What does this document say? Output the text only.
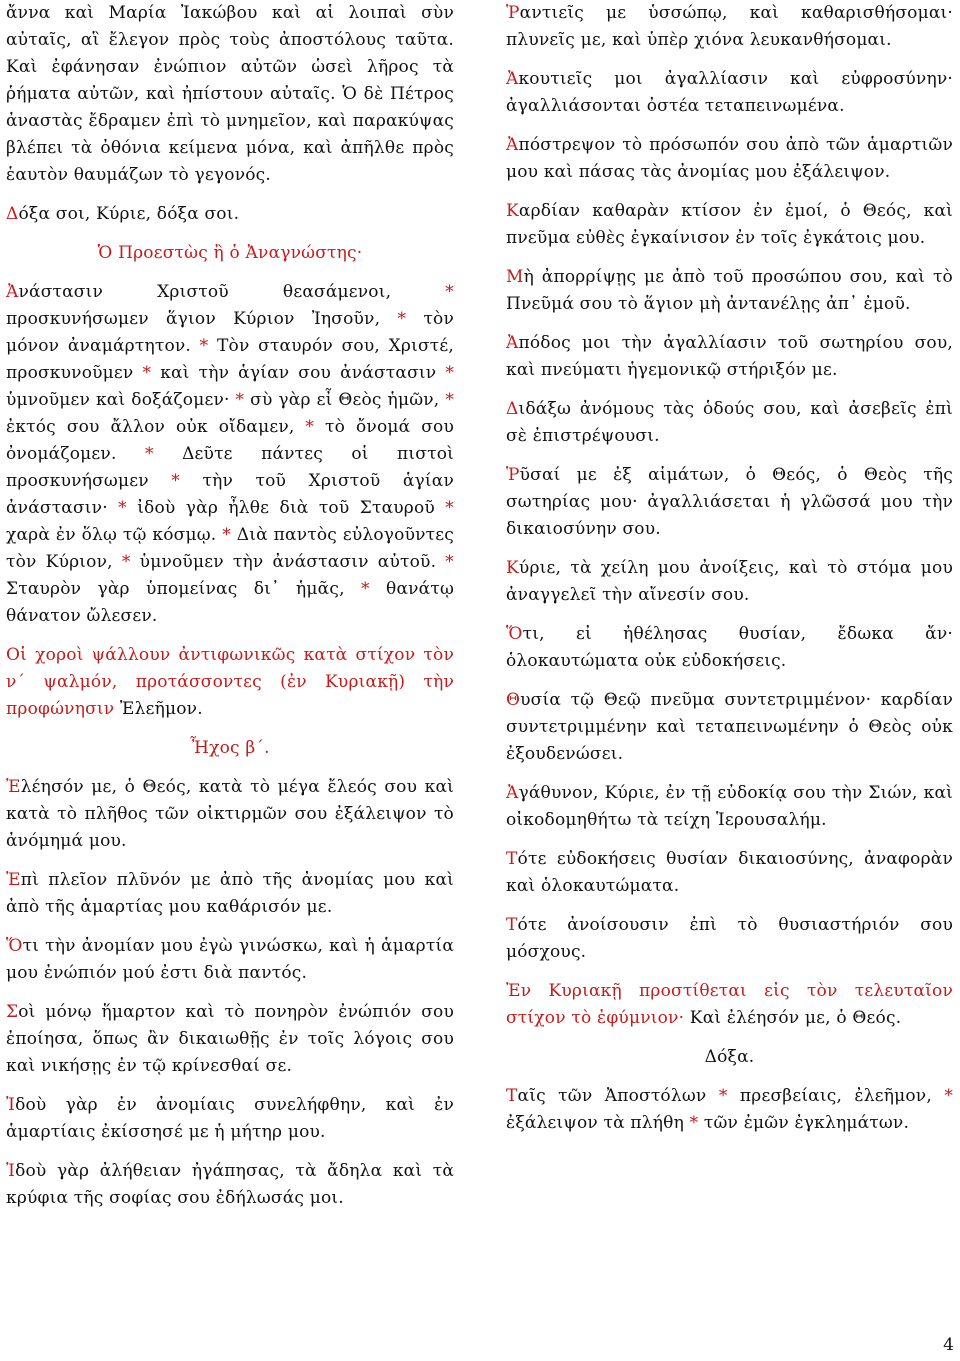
ἄννα καὶ Μαρία Ἰακώβου καὶ αἱ λοιπαὶ σὺν αὐταῖς, αἳ ἔλεγον πρὸς τοὺς ἀποστόλους ταῦτα. Καὶ ἐφάνησαν ἐνώπιον αὐτῶν ὡσεὶ λῆρος τὰ ῥήματα αὐτῶν, καὶ ἠπίστουν αὐταῖς. Ὁ δὲ Πέτρος ἀναστὰς ἔδραμεν ἐπὶ τὸ μνημεῖον, καὶ παρακύψας βλέπει τὰ ὀθόνια κείμενα μόνα, καὶ ἀπῆλθε πρὸς ἑαυτὸν θαυμάζων τὸ γεγονός.

Δόξα σοι, Κύριε, δόξα σοι.

Ὁ Προεστὼς ἢ ὁ Ἀναγνώστης·

Ἀνάστασιν Χριστοῦ θεασάμενοι,	* προσκυνήσωμεν ἅγιον Κύριον Ἰησοῦν, * τὸν μόνον ἀναμάρτητον. * Τὸν σταυρόν σου, Χριστέ, προσκυνοῦμεν * καὶ τὴν ἁγίαν σου ἀνάστασιν * ὑμνοῦμεν καὶ δοξάζομεν· * σὺ γὰρ εἶ Θεὸς ἡμῶν, * ἐκτός σου ἄλλον οὐκ οἴδαμεν, * τὸ ὄνομά σου ὀνομάζομεν. * Δεῦτε πάντες οἱ πιστοὶ προσκυνήσωμεν * τὴν τοῦ Χριστοῦ ἁγίαν ἀνάστασιν· * ἰδοὺ γὰρ ἦλθε διὰ τοῦ Σταυροῦ * χαρὰ ἐν ὅλῳ τῷ κόσμῳ. * Διὰ παντὸς εὐλογοῦντες τὸν Κύριον, * ὑμνοῦμεν τὴν ἀνάστασιν αὐτοῦ. * Σταυρὸν γὰρ ὑπομείνας δι᾽ ἡμᾶς, * θανάτῳ θάνατον ὤλεσεν.

Οἱ χοροὶ ψάλλουν ἀντιφωνικῶς κατὰ στίχον τὸν ν΄ ψαλμόν, προτάσσοντες (ἐν Κυριακῇ) τὴν προφώνησιν Ἐλεῆμον.

Ἦχος β΄.

Ἐλέησόν με, ὁ Θεός, κατὰ τὸ μέγα ἔλεός σου καὶ κατὰ τὸ πλῆθος τῶν οἰκτιρμῶν σου ἐξάλειψον τὸ ἀνόμημά μου.

Ἐπὶ πλεῖον πλῦνόν με ἀπὸ τῆς ἀνομίας μου καὶ ἀπὸ τῆς ἁμαρτίας μου καθάρισόν με.

Ὅτι τὴν ἀνομίαν μου ἐγὼ γινώσκω, καὶ ἡ ἁμαρτία μου ἐνώπιόν μού ἐστι διὰ παντός.

Σοὶ μόνῳ ἥμαρτον καὶ τὸ πονηρὸν ἐνώπιόν σου ἐποίησα, ὅπως ἂν δικαιωθῇς ἐν τοῖς λόγοις σου καὶ νικήσῃς ἐν τῷ κρίνεσθαί σε.

Ἰδοὺ γὰρ ἐν ἀνομίαις συνελήφθην, καὶ ἐν ἁμαρτίαις ἐκίσσησέ με ἡ μήτηρ μου.

Ἰδοὺ γὰρ ἀλήθειαν ἠγάπησας, τὰ ἄδηλα καὶ τὰ κρύφια τῆς σοφίας σου ἐδήλωσάς μοι.

Ῥαντιεῖς με ὑσσώπῳ, καὶ καθαρισθήσομαι· πλυνεῖς με, καὶ ὑπὲρ χιόνα λευκανθήσομαι.

Ἀκουτιεῖς μοι ἀγαλλίασιν καὶ εὐφροσύνην· ἀγαλλιάσονται ὀστέα τεταπεινωμένα.

Ἀπόστρεψον τὸ πρόσωπόν σου ἀπὸ τῶν ἁμαρτιῶν μου καὶ πάσας τὰς ἀνομίας μου ἐξάλειψον.

Καρδίαν καθαρὰν κτίσον ἐν ἐμοί, ὁ Θεός, καὶ πνεῦμα εὐθὲς ἐγκαίνισον ἐν τοῖς ἐγκάτοις μου.

Μὴ ἀπορρίψῃς με ἀπὸ τοῦ προσώπου σου, καὶ τὸ Πνεῦμά σου τὸ ἅγιον μὴ ἀντανέλῃς ἀπ᾽ ἐμοῦ.

Ἀπόδος μοι τὴν ἀγαλλίασιν τοῦ σωτηρίου σου, καὶ πνεύματι ἡγεμονικῷ στήριξόν με.

Διδάξω ἀνόμους τὰς ὁδούς σου, καὶ ἀσεβεῖς ἐπὶ σὲ ἐπιστρέψουσι.

Ῥῦσαί με ἐξ αἱμάτων, ὁ Θεός, ὁ Θεὸς τῆς σωτηρίας μου· ἀγαλλιάσεται ἡ γλῶσσά μου τὴν δικαιοσύνην σου.

Κύριε, τὰ χείλη μου ἀνοίξεις, καὶ τὸ στόμα μου ἀναγγελεῖ τὴν αἴνεσίν σου.

Ὅτι, εἰ ἠθέλησας θυσίαν, ἔδωκα ἄν· ὁλοκαυτώματα οὐκ εὐδοκήσεις.

Θυσία τῷ Θεῷ πνεῦμα συντετριμμένον· καρδίαν συντετριμμένην καὶ τεταπεινωμένην ὁ Θεὸς οὐκ ἐξουδενώσει.

Ἀγάθυνον, Κύριε, ἐν τῇ εὐδοκίᾳ σου τὴν Σιών, καὶ οἰκοδομηθήτω τὰ τείχη Ἱερουσαλήμ.

Τότε εὐδοκήσεις θυσίαν δικαιοσύνης, ἀναφορὰν καὶ ὁλοκαυτώματα.

Τότε ἀνοίσουσιν ἐπὶ τὸ θυσιαστήριόν σου μόσχους.

Ἐν Κυριακῇ προστίθεται εἰς τὸν τελευταῖον στίχον τὸ ἐφύμνιον· Καὶ ἐλέησόν με, ὁ Θεός.

Δόξα.

Ταῖς τῶν Ἀποστόλων * πρεσβείαις, ἐλεῆμον, * ἐξάλειψον τὰ πλήθη * τῶν ἐμῶν ἐγκλημάτων.

4
